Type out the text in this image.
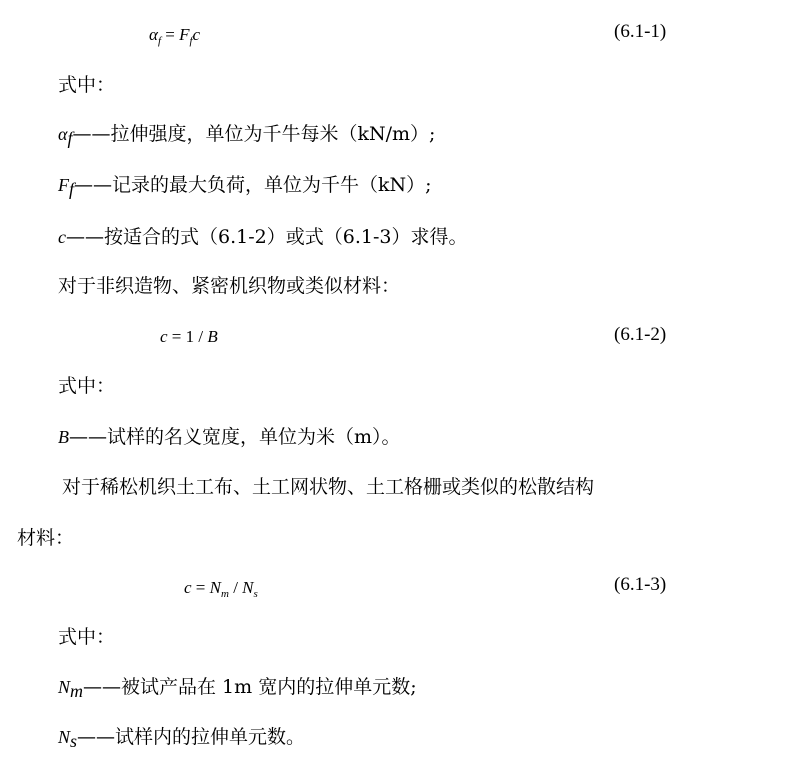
$\alpha_f = F_fc$	(6.1-1)
式中：
$\alpha_f——$拉伸强度，单位为千牛每米（kN/m）;
$F_f——$记录的最大负荷，单位为千牛（kN）;
c——按适合的式（6.1-2）或式（6.1-3）求得。
对于非织造物、紧密机织物或类似材料：
c = 1 / B	(6.1-2)
式中：
B——试样的名义宽度，单位为米（m）。
对于稀松机织土工布、土工网状物、土工格栅或类似的松散结构
材料：
$c = N_m / N_s$	(6.1-3)
式中：
$N_m——$被试产品在 1m 宽内的拉伸单元数;
$N_s——$试样内的拉伸单元数。
